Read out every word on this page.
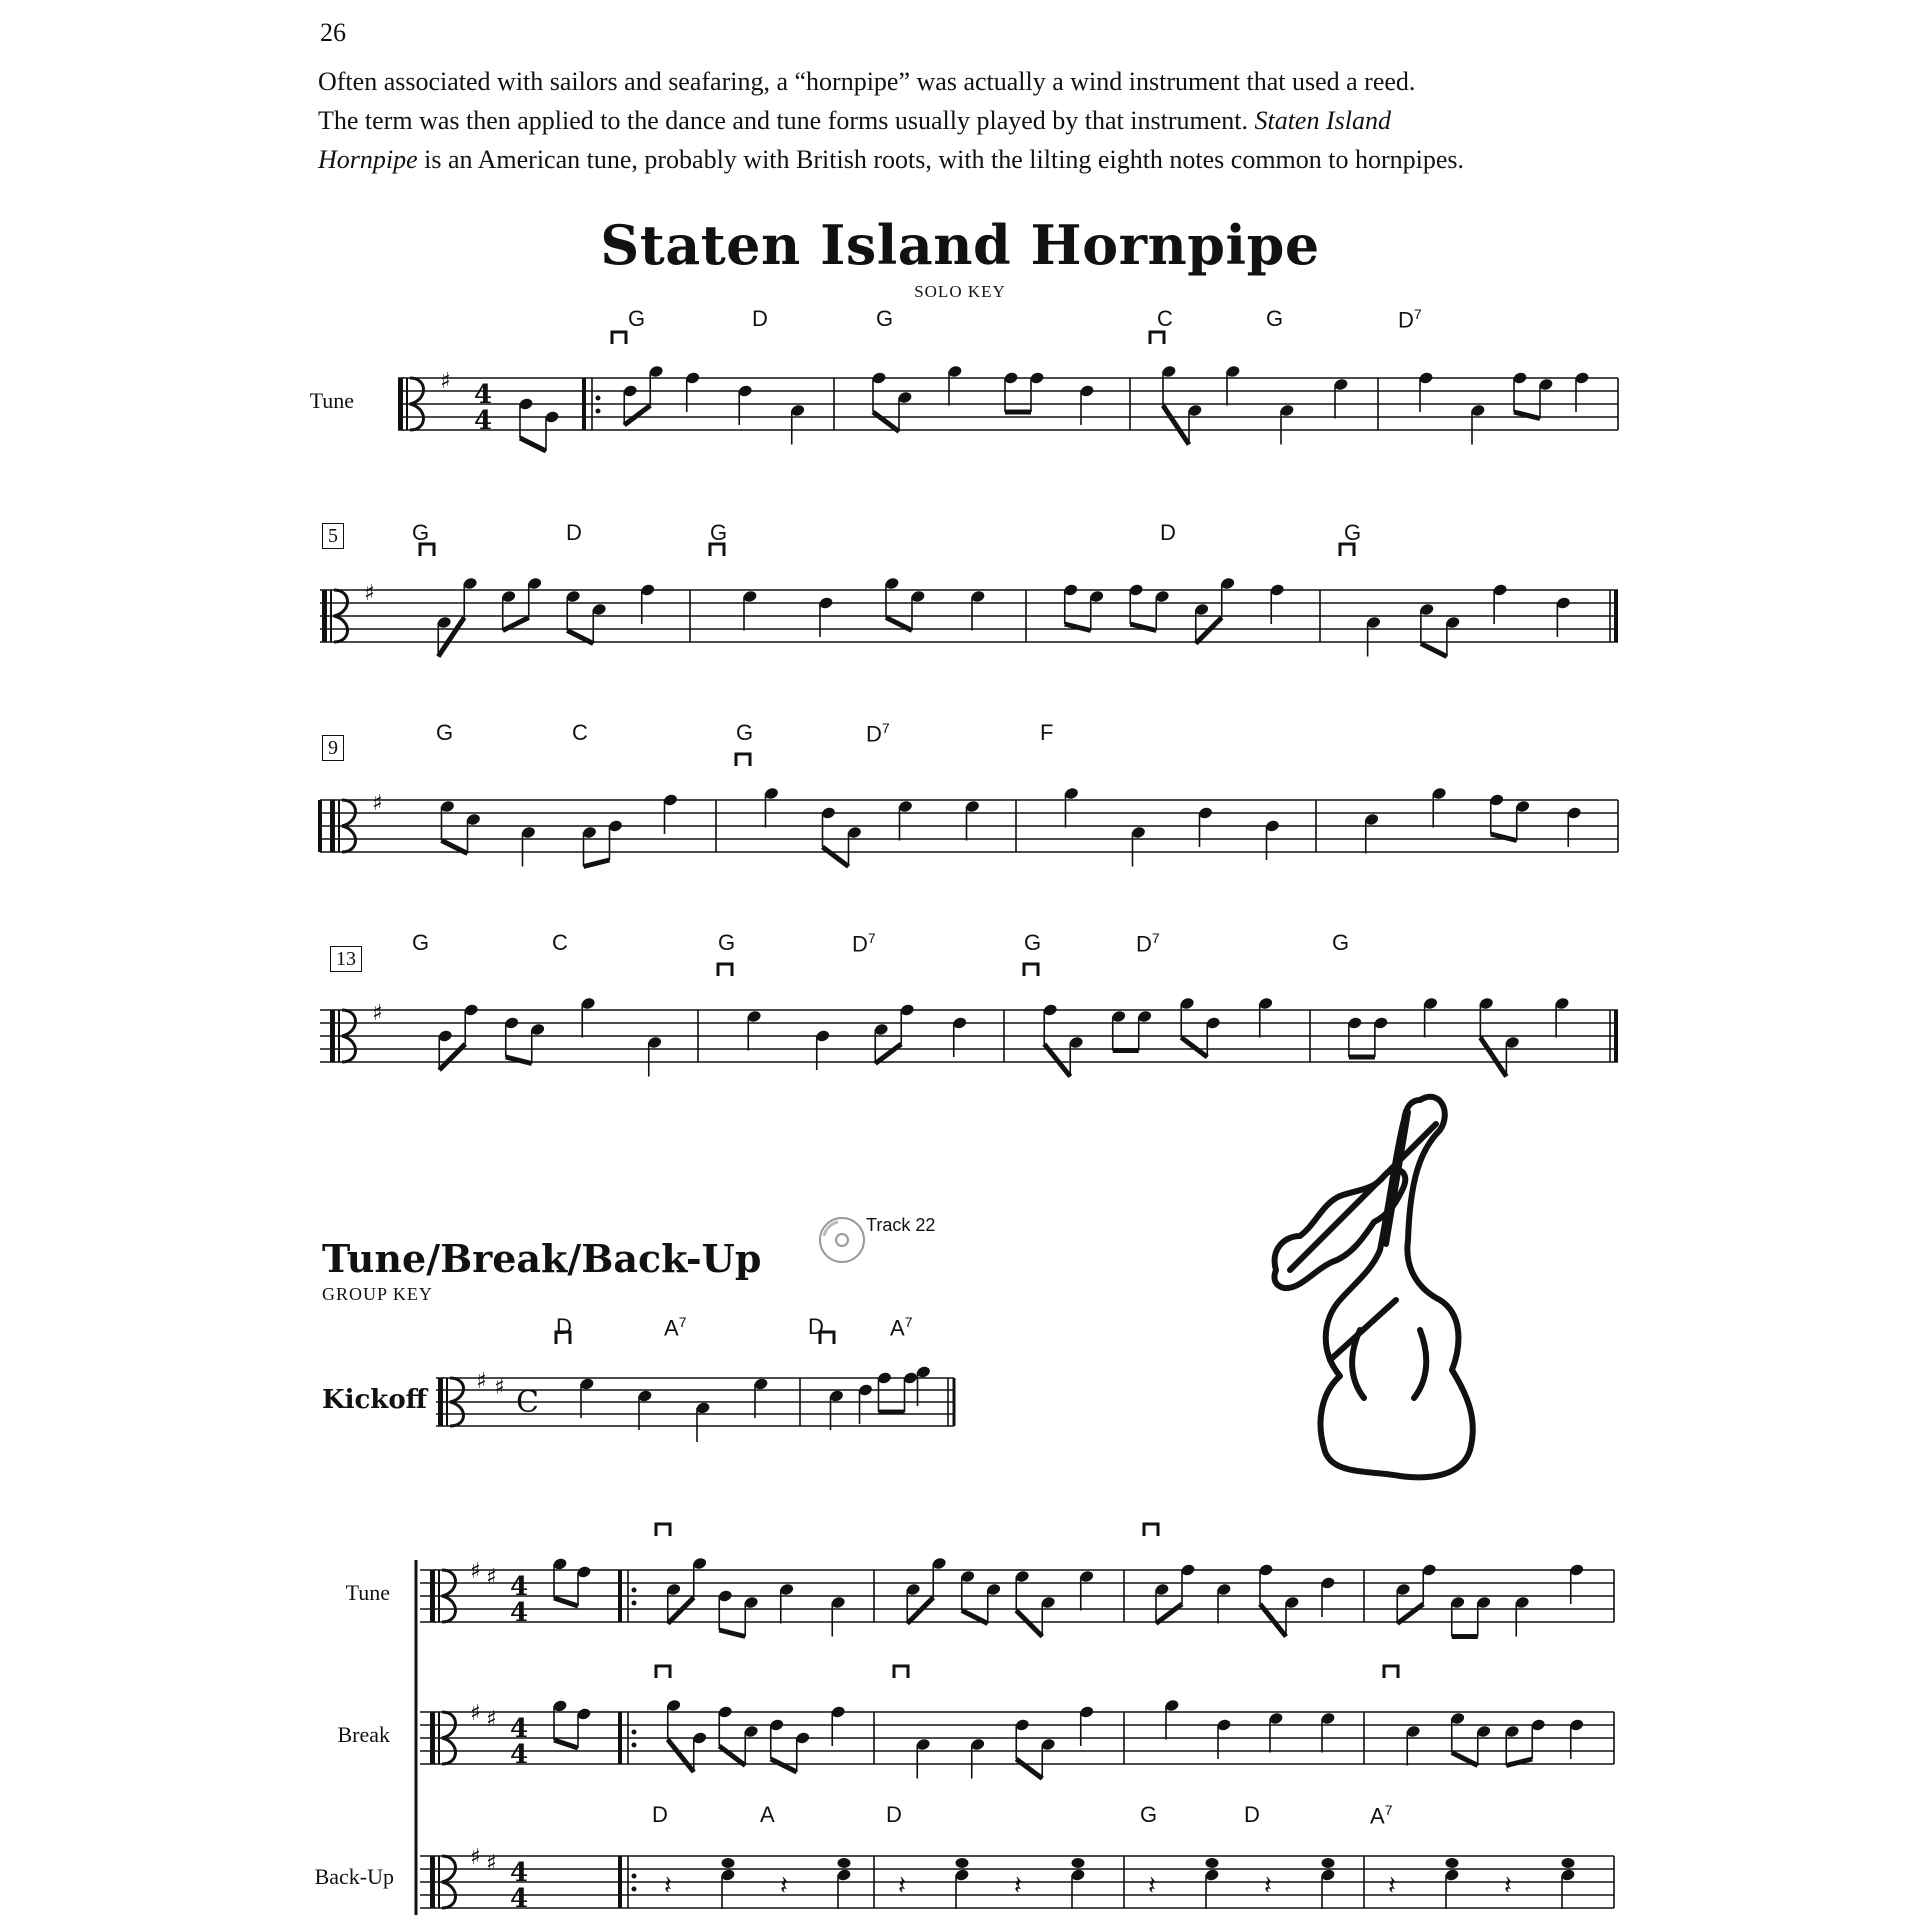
26

Often associated with sailors and seafaring, a “hornpipe” was actually a wind instrument that used a reed.

The term was then applied to the dance and tune forms usually played by that instrument. Staten Island

Hornpipe is an American tune, probably with British roots, with the lilting eighth notes common to hornpipes.

Staten Island Hornpipe
SOLO KEY
Tune
5
9
13
G	D	G	C	G	$D^7$
G	D	G	D	G
G	C	G	$D^7$	F
G	C	G	$D^7$	G	$D^7$	G
Tune/Break/Back-Up
GROUP KEY
Track 22
Kickoff
D	$A^7$	D	$A^7$
Tune
Break
Back-Up
D	A	D	G	D	$A^7$
♯ 4
4
♯
♯
♯
♯ ♯ C
♯ ♯ 4
4
♯ ♯ 4
4
♯ ♯ 4
4	𝄽	𝄽	𝄽	𝄽	𝄽	𝄽	𝄽	𝄽
